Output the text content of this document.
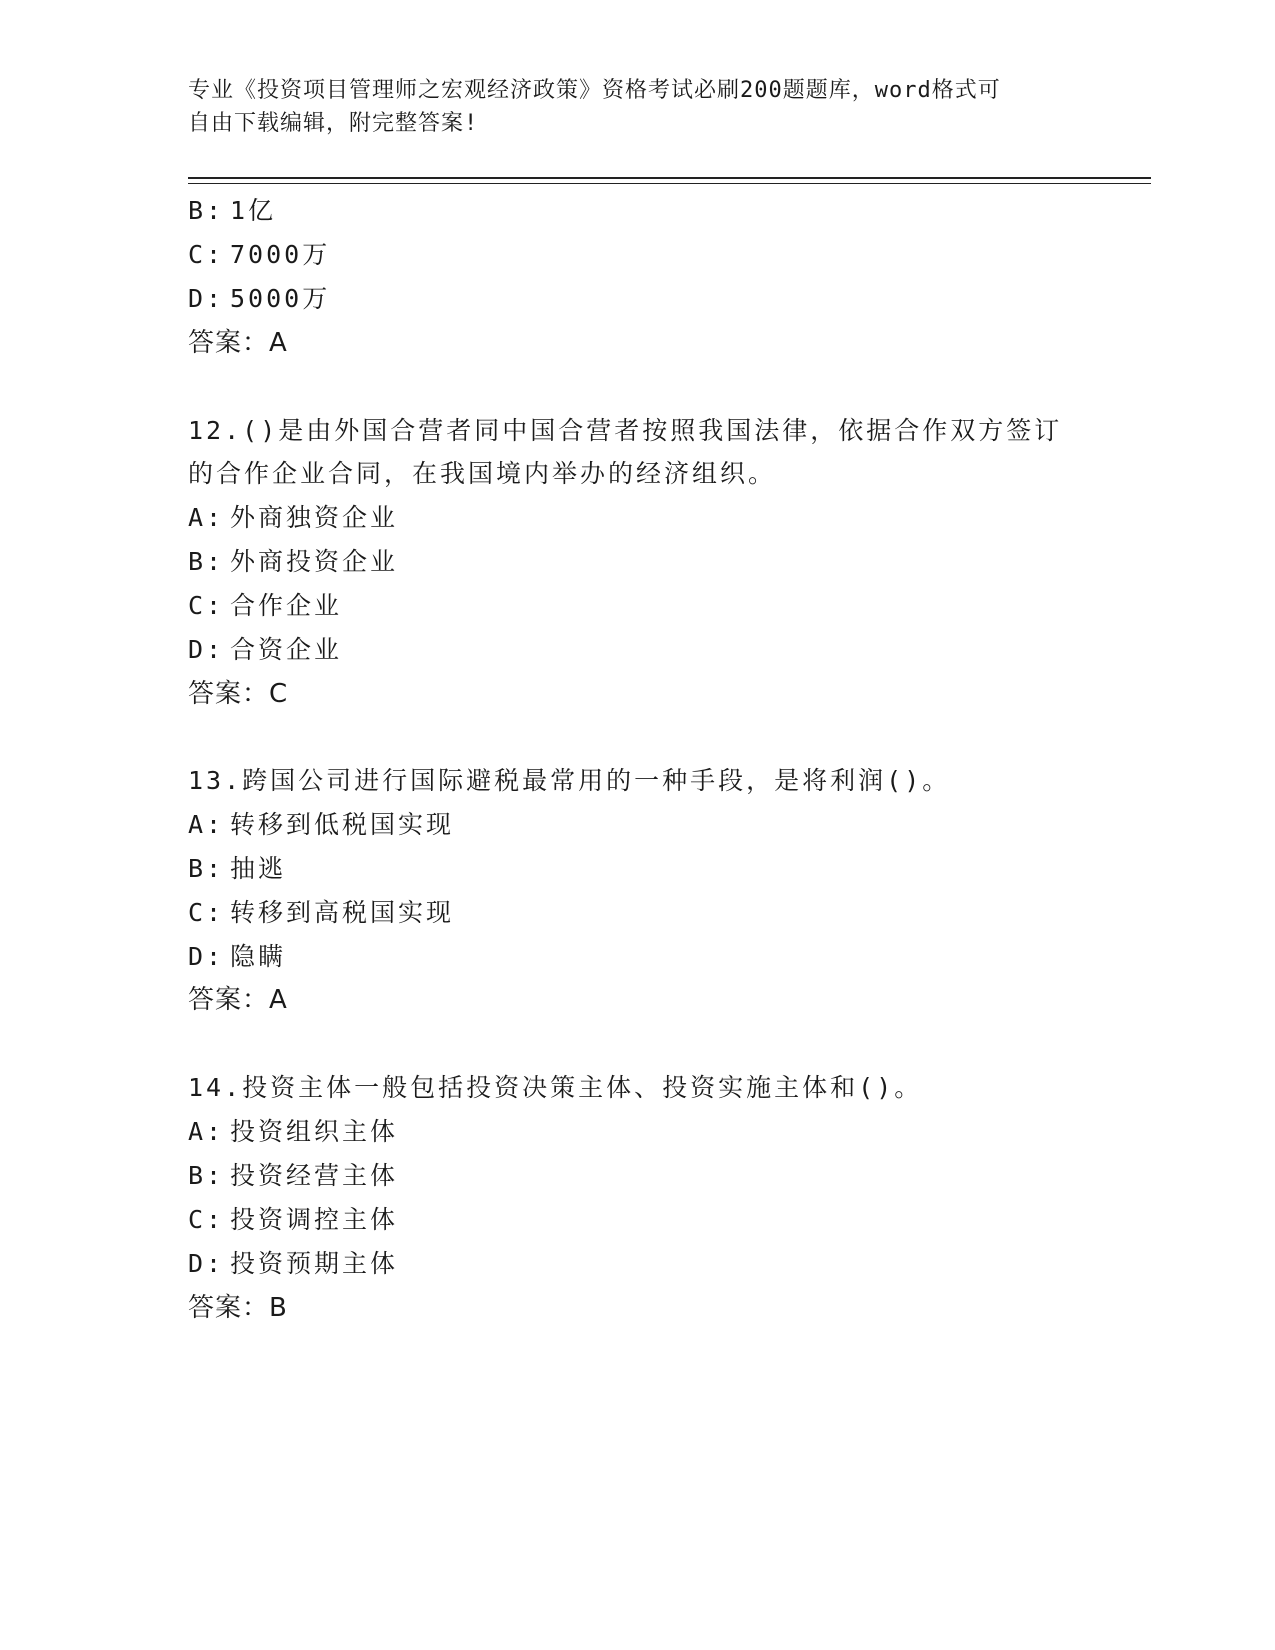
专业《投资项目管理师之宏观经济政策》资格考试必刷200题题库，word格式可
自由下载编辑，附完整答案!
B: 1亿
C: 7000万
D: 5000万
答案：A
12.()是由外国合营者同中国合营者按照我国法律，依据合作双方签订
的合作企业合同，在我国境内举办的经济组织。
A: 外商独资企业
B: 外商投资企业
C: 合作企业
D: 合资企业
答案：C
13.跨国公司进行国际避税最常用的一种手段，是将利润()。
A: 转移到低税国实现
B: 抽逃
C: 转移到高税国实现
D: 隐瞒
答案：A
14.投资主体一般包括投资决策主体、投资实施主体和()。
A: 投资组织主体
B: 投资经营主体
C: 投资调控主体
D: 投资预期主体
答案：B
